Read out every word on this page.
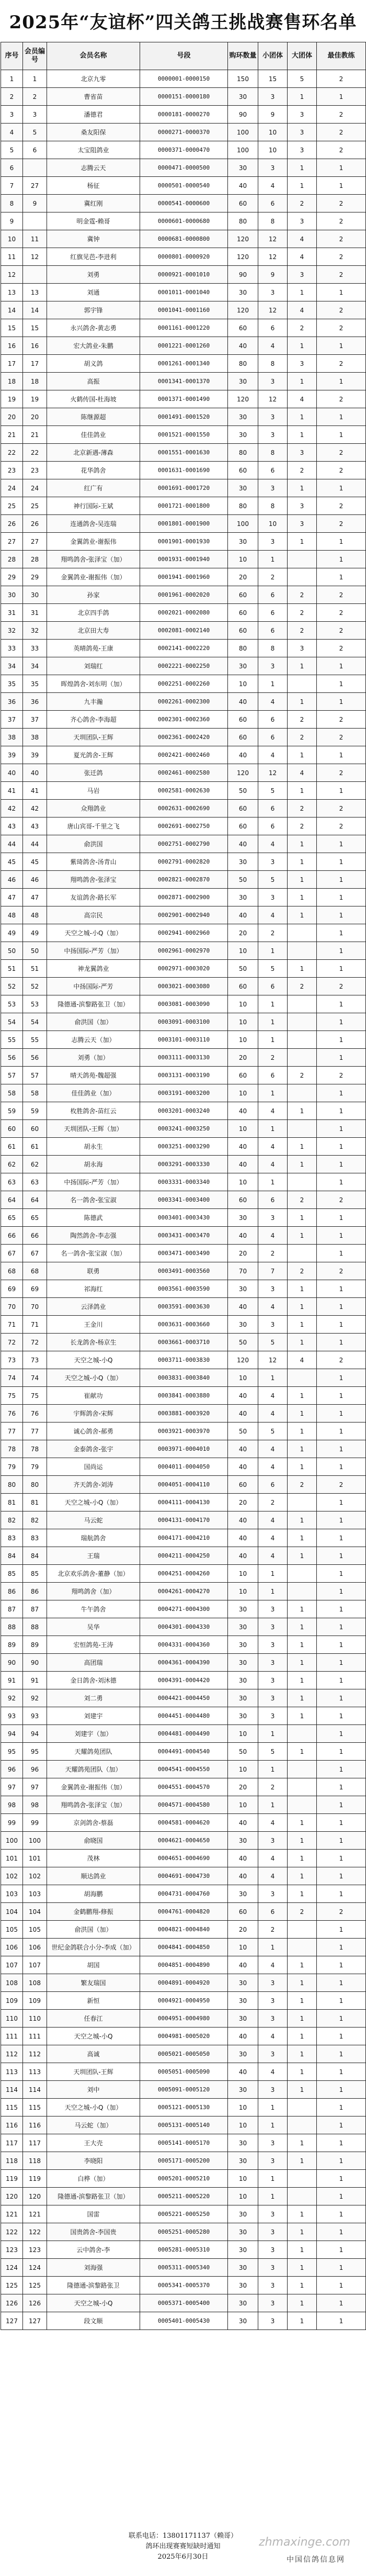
2025年“友谊杯”四关鸽王挑战赛售环名单
序号	会员编号	会员名称	号段	购环数量	小团体	大团体	最佳教练
1	1	北京九零	0000001-0000150	150	15	5	2
2	2	曹省苗	0000151-0000180	30	3	1	1
3	3	潘德君	0000181-0000270	90	9	3	2
4	5	桑友阳保	0000271-0000370	100	10	3	2
5	6	太宝阻鸽业	0000371-0000470	100	10	3	2
6		志腾云天	0000471-0000500	30	3	1	1
7	27	杨征	0000501-0000540	40	4	1	1
8	9	冀红刚	0000541-0000600	60	6	2	2
9		明金霆-赖哥	0000601-0000680	80	8	3	2
10	11	冀钟	0000681-0000800	120	12	4	2
11	12	红旗见芭-李进利	0000801-0000920	120	12	4	2
12		刘勇	0000921-0001010	90	9	3	2
13	13	刘通	0001011-0001040	30	3	1	1
14	14	郭宇锋	0001041-0001160	120	12	4	2
15	15	永兴鸽舍-黄志勇	0001161-0001220	60	6	2	2
16	16	宏大鸽业-朱鹏	0001221-0001260	40	4	1	1
17	17	胡义鸽	0001261-0001340	80	8	3	2
18	18	高振	0001341-0001370	30	3	1	1
19	19	火鹤传国-杜海坡	0001371-0001490	120	12	4	2
20	20	陈继源超	0001491-0001520	30	3	1	1
21	21	佳佳鸽业	0001521-0001550	30	3	1	1
22	22	北京新遇-薄森	0001551-0001630	80	8	3	2
23	23	花华鸽舍	0001631-0001690	60	6	2	2
24	24	红广有	0001691-0001720	30	3	1	1
25	25	神行国际-王斌	0001721-0001800	80	8	3	2
26	26	连通鸽舍-吴连瑞	0001801-0001900	100	10	3	2
27	27	金翼鸽业-谢振伟	0001901-0001930	30	3	1	1
28	28	翔鸣鸽舍-张泽宝（加）	0001931-0001940	10	1		1
29	29	金翼鸽业-谢振伟（加）	0001941-0001960	20	2		1
30	30	孙家	0001961-0002020	60	6	2	2
31	31	北京四手鸽	0002021-0002080	60	6	2	2
32	32	北京田大寿	0002081-0002140	60	6	2	2
33	33	英晴鸽苑-王康	0002141-0002220	80	8	3	2
34	34	刘瑞红	0002221-0002250	30	3	1	1
35	35	晖煌鸽舍-刘东明（加）	0002251-0002260	10	1		1
36	36	九丰瀚	0002261-0002300	40	4	1	1
37	37	齐心鸽舍-李海超	0002301-0002360	60	6	2	2
38	38	天圳团队-王辉	0002361-0002420	60	6	2	2
39	39	夏光鸽舍-王辉	0002421-0002460	40	4	1	1
40	40	张迁鸽	0002461-0002580	120	12	4	2
41	41	马岩	0002581-0002630	50	5	1	1
42	42	众翔鸽业	0002631-0002690	60	6	2	2
43	43	唐山宾哥-千里之飞	0002691-0002750	60	6	2	2
44	44	俞洪国	0002751-0002790	40	4	1	1
45	45	紫琦鸽舍-汤青山	0002791-0002820	30	3	1	1
46	46	翔鸣鸽舍-张泽宝	0002821-0002870	50	5	1	1
47	47	友谊鸽舍-路长军	0002871-0002900	30	3	1	1
48	48	高宗民	0002901-0002940	40	4	1	1
49	49	天空之城-小Q（加）	0002941-0002960	20	2		1
50	50	中扬国际-严芳（加）	0002961-0002970	10	1		1
51	51	神龙翼鸽业	0002971-0003020	50	5	1	1
52	52	中扬国际-严芳	0003021-0003080	60	6	2	2
53	53	隆德通-滨黎路张卫（加）	0003081-0003090	10	1		1
54	54	俞洪国（加）	0003091-0003100	10	1		1
55	55	志腾云天（加）	0003101-0003110	10	1		1
56	56	刘勇（加）	0003111-0003130	20	2		1
57	57	晴天鸽苑-魏超强	0003131-0003190	60	6	2	2
58	58	佳佳鸽业（加）	0003191-0003200	10	1		1
59	59	枚胜鸽舍-苗红云	0003201-0003240	40	4	1	1
60	60	天圳团队-王辉（加）	0003241-0003250	10	1		1
61	61	胡永生	0003251-0003290	40	4	1	1
62	62	胡永海	0003291-0003330	40	4	1	1
63	63	中扬国际-严芳（加）	0003331-0003340	10	1		1
64	64	名一鸽舍-张宝淑	0003341-0003400	60	6	2	2
65	65	陈德武	0003401-0003430	30	3	1	1
66	66	陶然鸽舍-李志强	0003431-0003470	40	4	1	1
67	67	名一鸽舍-张宝淑（加）	0003471-0003490	20	2		1
68	68	联勇	0003491-0003560	70	7	2	2
69	69	祁海红	0003561-0003590	30	3	1	1
70	70	云泽鸽业	0003591-0003630	40	4	1	1
71	71	王金川	0003631-0003660	30	3	1	1
72	72	长龙鸽舍-杨京生	0003661-0003710	50	5	1	1
73	73	天空之城-小Q	0003711-0003830	120	12	4	2
74	74	天空之城-小Q（加）	0003831-0003840	10	1		1
75	75	崔献功	0003841-0003880	40	4	1	1
76	76	宇辉鸽舍-宋辉	0003881-0003920	40	4	1	1
77	77	诚心鸽舍-郝勇	0003921-0003970	50	5	1	1
78	78	金泰鸽舍-张宇	0003971-0004010	40	4	1	1
79	79	国尚运	0004011-0004050	40	4	1	1
80	80	齐天鸽舍-刘涛	0004051-0004110	60	6	2	2
81	81	天空之城-小Q（加）	0004111-0004130	20	2		1
82	82	马云蛇	0004131-0004170	40	4	1	1
83	83	瑞航鸽舍	0004171-0004210	40	4	1	1
84	84	王瑞	0004211-0004250	40	4	1	1
85	85	北京欢乐鸽舍-董静（加）	0004251-0004260	10	1		1
86	86	翔鸣鸽舍（加）	0004261-0004270	10	1		1
87	87	牛午鸽舍	0004271-0004300	30	3	1	1
88	88	吴华	0004301-0004330	30	3	1	1
89	89	宏恒鸽苑-王涛	0004331-0004360	30	3	1	1
90	90	高团瑞	0004361-0004390	30	3	1	1
91	91	金日鸽舍-刘沐德	0004391-0004420	30	3	1	1
92	92	刘二勇	0004421-0004450	30	3	1	1
93	93	刘建宇	0004451-0004480	30	3	1	1
94	94	刘建宇（加）	0004481-0004490	10	1		1
95	95	天耀鸽苑团队	0004491-0004540	50	5	1	1
96	96	天耀鸽苑团队（加）	0004541-0004550	10	1		1
97	97	金翼鸽业-谢振伟（加）	0004551-0004570	20	2		1
98	98	翔鸣鸽舍-张泽宝（加）	0004571-0004580	10	1		1
99	99	京剑鸽舍-蔡磊	0004581-0004620	40	4	1	1
100	100	俞晓国	0004621-0004650	30	3	1	1
101	101	茂林	0004651-0004690	40	4	1	1
102	102	顺达鸽业	0004691-0004730	40	4	1	1
103	103	胡海鹏	0004731-0004760	30	3	1	1
104	104	金鹤鹏翔-修振	0004761-0004820	60	6	2	2
105	105	俞洪国（加）	0004821-0004840	20	2		1
106	106	世纪金鸽联合小分-李成（加）	0004841-0004850	10	1		1
107	107	胡国	0004851-0004890	40	4	1	1
108	108	繁友瑞国	0004891-0004920	30	3	1	1
109	109	新恒	0004921-0004950	30	3	1	1
110	110	任春江	0004951-0004980	30	3	1	1
111	111	天空之城-小Q	0004981-0005020	40	4	1	1
112	112	高诚	0005021-0005050	30	3	1	1
113	113	天圳团队-王辉	0005051-0005090	40	4	1	1
114	114	刘中	0005091-0005120	30	3	1	1
115	115	天空之城-小Q（加）	0005121-0005130	10	1		1
116	116	马云蛇（加）	0005131-0005140	10	1		1
117	117	王大壳	0005141-0005170	30	3	1	1
118	118	李晓阳	0005171-0005200	30	3	1	1
119	119	白桦（加）	0005201-0005210	10	1		1
120	120	隆德通-滨黎路张卫（加）	0005211-0005220	10	1		1
121	121	国雷	0005221-0005250	30	3	1	1
122	122	国贵鸽舍-李国贵	0005251-0005280	30	3	1	1
123	123	云中鸽舍-李	0005281-0005310	30	3	1	1
124	124	刘海强	0005311-0005340	30	3	1	1
125	125	隆德通-滨黎路张卫	0005341-0005370	30	3	1	1
126	126	天空之城-小Q	0005371-0005400	30	3	1	1
127	127	段文顺	0005401-0005430	30	3	1	1
联系电话：13801171137（赖哥）
鸽环出现赛赛短缺时通知
2025年6月30日
zhmaxinge.com
中国信鸽信息网
